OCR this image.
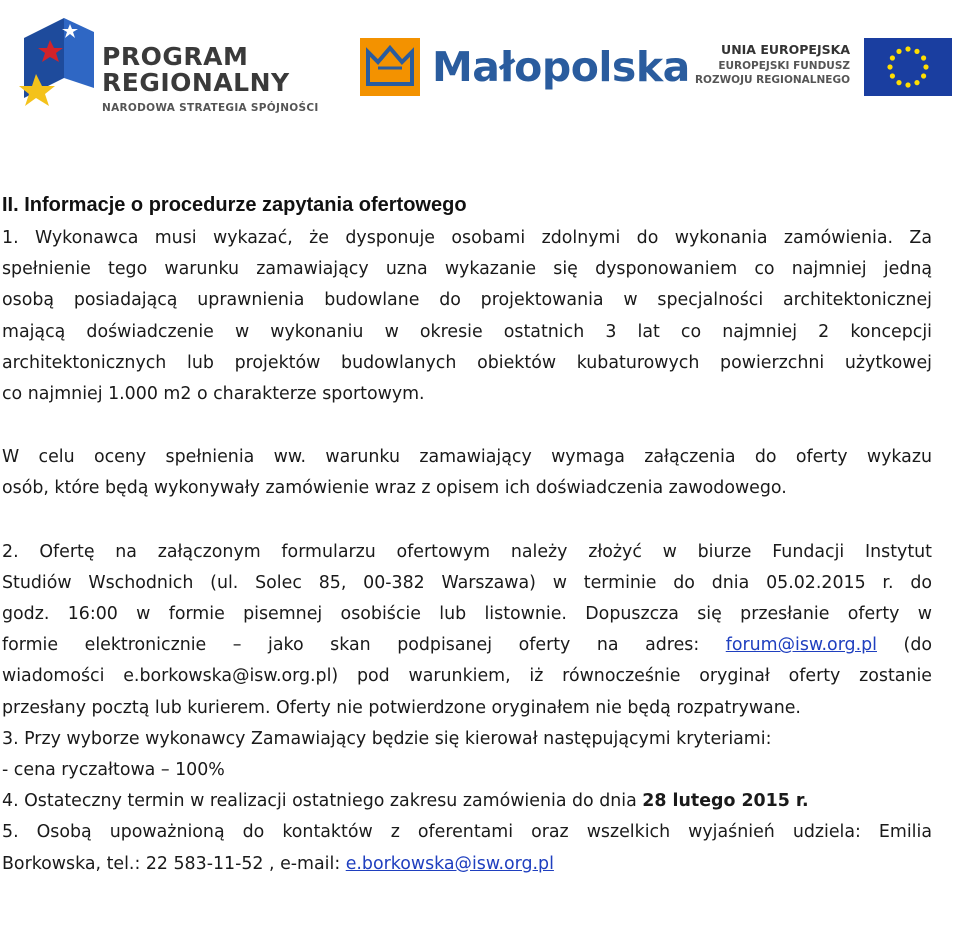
PROGRAM
REGIONALNY
NARODOWA STRATEGIA SPÓJNOŚCI
Małopolska	UNIA EUROPEJSKA
EUROPEJSKI FUNDUSZ
ROZWOJU REGIONALNEGO
II. Informacje o procedurze zapytania ofertowego
1. Wykonawca musi wykazać, że dysponuje osobami zdolnymi do wykonania zamówienia. Za
spełnienie tego warunku zamawiający uzna wykazanie się dysponowaniem co najmniej jedną
osobą posiadającą uprawnienia budowlane do projektowania w specjalności architektonicznej
mającą doświadczenie w wykonaniu w okresie ostatnich 3 lat co najmniej 2 koncepcji
architektonicznych lub projektów budowlanych obiektów kubaturowych powierzchni użytkowej
co najmniej 1.000 m2 o charakterze sportowym.
W celu oceny spełnienia ww. warunku zamawiający wymaga załączenia do oferty wykazu
osób, które będą wykonywały zamówienie wraz z opisem ich doświadczenia zawodowego.
2. Ofertę na załączonym formularzu ofertowym należy złożyć w biurze Fundacji Instytut
Studiów Wschodnich (ul. Solec 85, 00-382 Warszawa) w terminie do dnia 05.02.2015 r. do
godz. 16:00 w formie pisemnej osobiście lub listownie. Dopuszcza się przesłanie oferty w
formie elektronicznie – jako skan podpisanej oferty na adres: forum@isw.org.pl (do
wiadomości e.borkowska@isw.org.pl) pod warunkiem, iż równocześnie oryginał oferty zostanie
przesłany pocztą lub kurierem. Oferty nie potwierdzone oryginałem nie będą rozpatrywane.
3. Przy wyborze wykonawcy Zamawiający będzie się kierował następującymi kryteriami:
- cena ryczałtowa – 100%
4. Ostateczny termin w realizacji ostatniego zakresu zamówienia do dnia 28 lutego 2015 r.
5. Osobą upoważnioną do kontaktów z oferentami oraz wszelkich wyjaśnień udziela: Emilia
Borkowska, tel.: 22 583-11-52 , e-mail: e.borkowska@isw.org.pl
